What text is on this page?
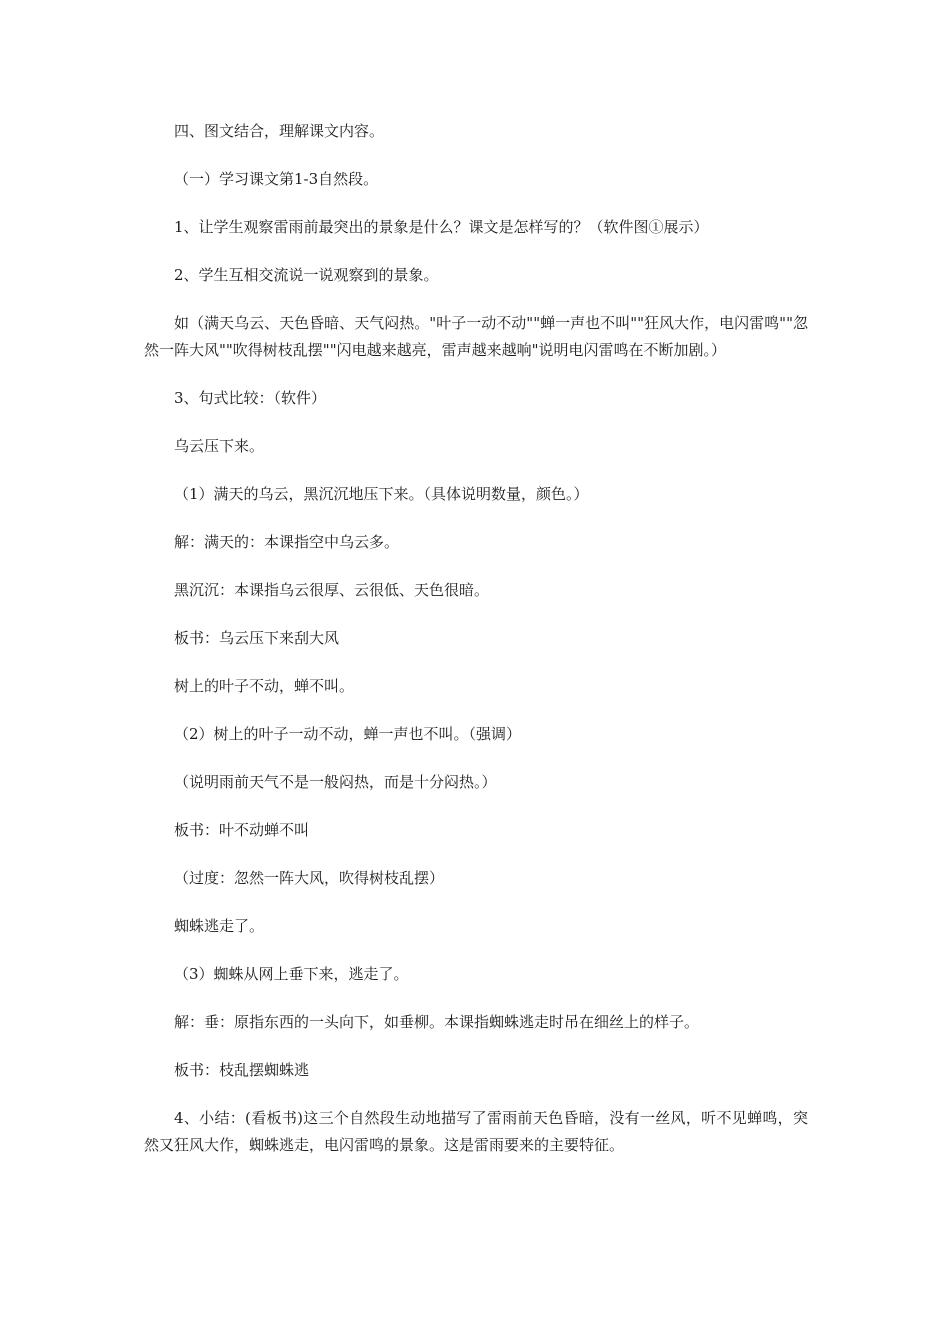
四、图文结合，理解课文内容。

（一）学习课文第1-3自然段。

1、让学生观察雷雨前最突出的景象是什么？课文是怎样写的？（软件图①展示）

2、学生互相交流说一说观察到的景象。

如（满天乌云、天色昏暗、天气闷热。"叶子一动不动""蝉一声也不叫""狂风大作，电闪雷鸣""忽然一阵大风""吹得树枝乱摆""闪电越来越亮，雷声越来越响"说明电闪雷鸣在不断加剧。）

3、句式比较：（软件）

乌云压下来。

（1）满天的乌云，黑沉沉地压下来。（具体说明数量，颜色。）

解：满天的：本课指空中乌云多。

黑沉沉：本课指乌云很厚、云很低、天色很暗。

板书：乌云压下来刮大风

树上的叶子不动，蝉不叫。

（2）树上的叶子一动不动，蝉一声也不叫。（强调）

（说明雨前天气不是一般闷热，而是十分闷热。）

板书：叶不动蝉不叫

（过度：忽然一阵大风，吹得树枝乱摆）

蜘蛛逃走了。

（3）蜘蛛从网上垂下来，逃走了。

解：垂：原指东西的一头向下，如垂柳。本课指蜘蛛逃走时吊在细丝上的样子。

板书：枝乱摆蜘蛛逃

4、小结：(看板书)这三个自然段生动地描写了雷雨前天色昏暗，没有一丝风，听不见蝉鸣，突然又狂风大作，蜘蛛逃走，电闪雷鸣的景象。这是雷雨要来的主要特征。
